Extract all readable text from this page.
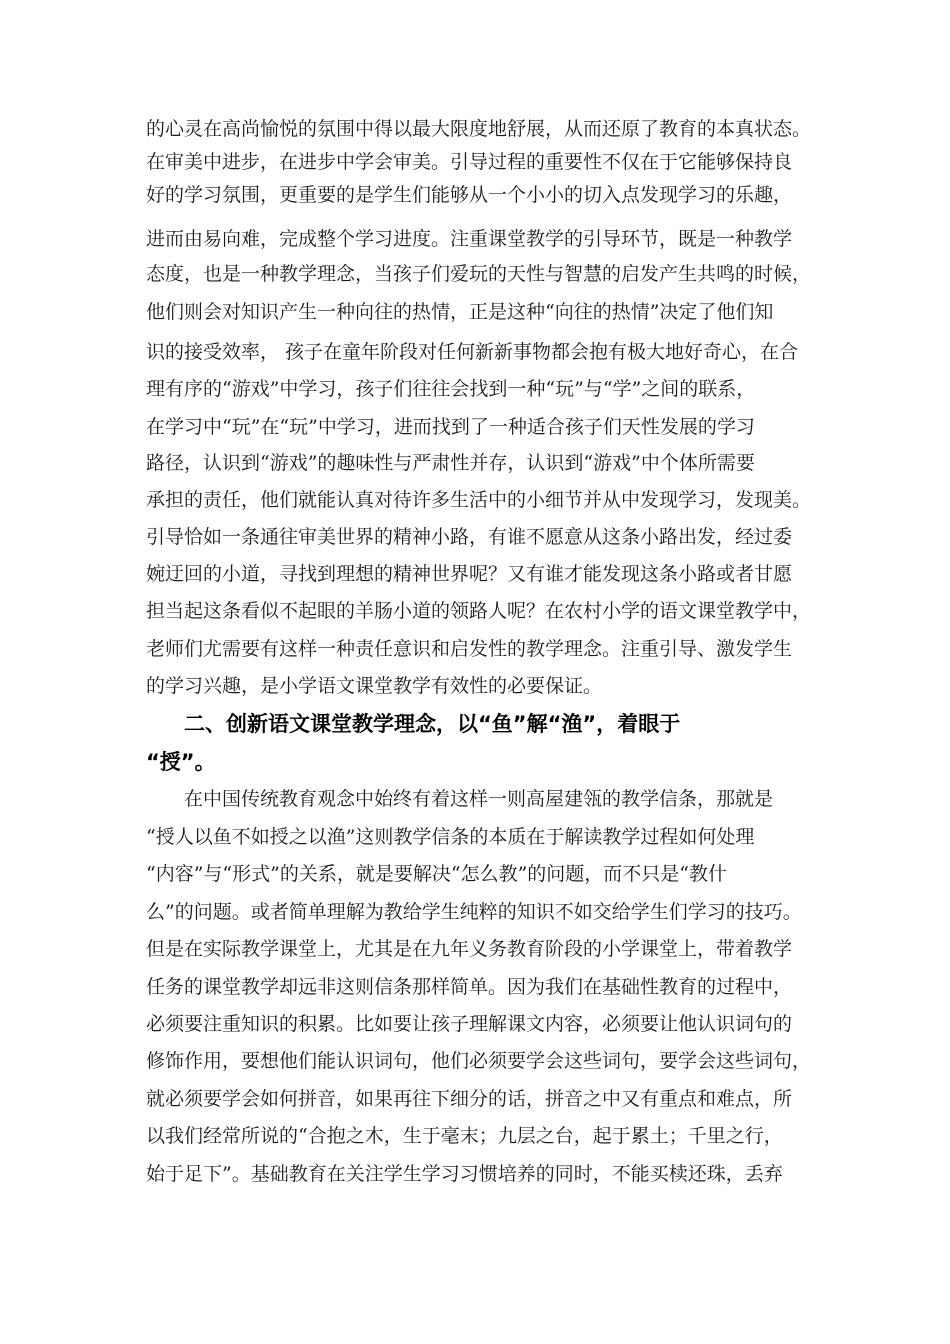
的心灵在高尚愉悦的氛围中得以最大限度地舒展，从而还原了教育的本真状态。
在审美中进步，在进步中学会审美。引导过程的重要性不仅在于它能够保持良
好的学习氛围，更重要的是学生们能够从一个小小的切入点发现学习的乐趣，
进而由易向难，完成整个学习进度。注重课堂教学的引导环节，既是一种教学
态度，也是一种教学理念，当孩子们爱玩的天性与智慧的启发产生共鸣的时候，
他们则会对知识产生一种向往的热情，正是这种“向往的热情”决定了他们知
识的接受效率， 孩子在童年阶段对任何新新事物都会抱有极大地好奇心，在合
理有序的“游戏”中学习，孩子们往往会找到一种“玩”与“学”之间的联系，
在学习中“玩”在“玩”中学习，进而找到了一种适合孩子们天性发展的学习
路径，认识到“游戏”的趣味性与严肃性并存，认识到“游戏”中个体所需要
承担的责任，他们就能认真对待许多生活中的小细节并从中发现学习，发现美。
引导恰如一条通往审美世界的精神小路，有谁不愿意从这条小路出发，经过委
婉迂回的小道，寻找到理想的精神世界呢？又有谁才能发现这条小路或者甘愿
担当起这条看似不起眼的羊肠小道的领路人呢？在农村小学的语文课堂教学中，
老师们尤需要有这样一种责任意识和启发性的教学理念。注重引导、激发学生
的学习兴趣，是小学语文课堂教学有效性的必要保证。
二、创新语文课堂教学理念，以“鱼”解“渔”，着眼于
“授”。
在中国传统教育观念中始终有着这样一则高屋建瓴的教学信条，那就是
“授人以鱼不如授之以渔”这则教学信条的本质在于解读教学过程如何处理
“内容”与“形式”的关系，就是要解决“怎么教”的问题，而不只是“教什
么”的问题。或者简单理解为教给学生纯粹的知识不如交给学生们学习的技巧。
但是在实际教学课堂上，尤其是在九年义务教育阶段的小学课堂上，带着教学
任务的课堂教学却远非这则信条那样简单。因为我们在基础性教育的过程中，
必须要注重知识的积累。比如要让孩子理解课文内容，必须要让他认识词句的
修饰作用，要想他们能认识词句，他们必须要学会这些词句，要学会这些词句，
就必须要学会如何拼音，如果再往下细分的话，拼音之中又有重点和难点，所
以我们经常所说的“合抱之木，生于毫末；九层之台，起于累土；千里之行，
始于足下”。基础教育在关注学生学习习惯培养的同时，不能买椟还珠，丢弃
